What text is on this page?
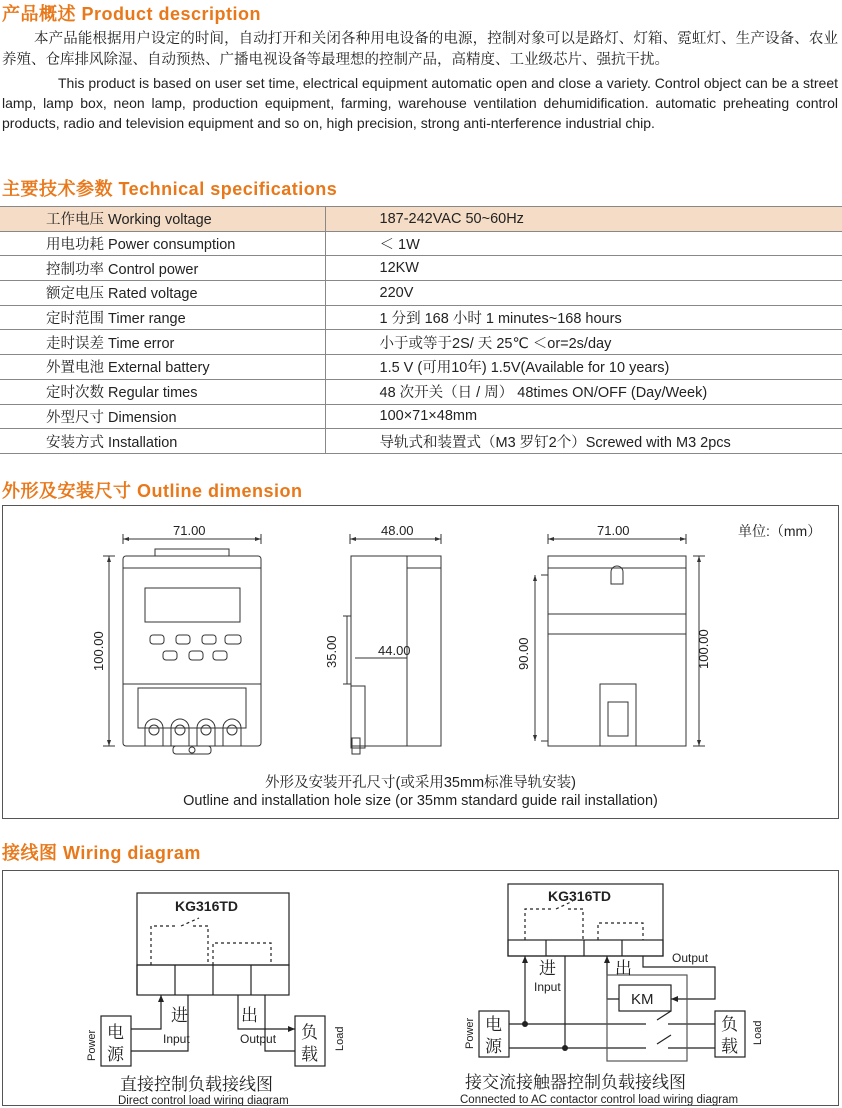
产品概述 Product description
本产品能根据用户设定的时间，自动打开和关闭各种用电设备的电源，控制对象可以是路灯、灯箱、霓虹灯、生产设备、农业养殖、仓库排风除湿、自动预热、广播电视设备等最理想的控制产品，高精度、工业级芯片、强抗干扰。
This product is based on user set time, electrical equipment automatic open and close a variety. Control object can be a street lamp, lamp box, neon lamp, production equipment, farming, warehouse ventilation dehumidification. automatic preheating control products, radio and television equipment and so on, high precision, strong anti-nterference industrial chip.
主要技术参数 Technical specifications
工作电压 Working voltage	187-242VAC 50~60Hz
用电功耗 Power consumption	＜ 1W
控制功率 Control power	12KW
额定电压 Rated voltage	220V
定时范围 Timer range	1 分到 168 小时 1 minutes~168 hours
走时误差 Time error	小于或等于2S/ 天 25℃ ＜or=2s/day
外置电池 External battery	1.5 V (可用10年) 1.5V(Available for 10 years)
定时次数 Regular times	48 次开关（日 / 周） 48times ON/OFF (Day/Week)
外型尺寸 Dimension	100×71×48mm
安装方式 Installation	导轨式和装置式（M3 罗钉2个）Screwed with M3 2pcs
外形及安装尺寸 Outline dimension
71.00
100.00
48.00
35.00	44.00
71.00
90.00	100.00
单位:（mm）
外形及安装开孔尺寸(或采用35mm标准导轨安装)
Outline and installation hole size (or 35mm standard guide rail installation)
接线图 Wiring diagram
KG316TD
进
Input
出
Output
电
源
Power	负
载
Load
直接控制负载接线图
Direct control load wiring diagram
KG316TD
进
Input
出
Output
KM
电
源
Power	负
载
Load
接交流接触器控制负载接线图
Connected to AC contactor control load wiring diagram
